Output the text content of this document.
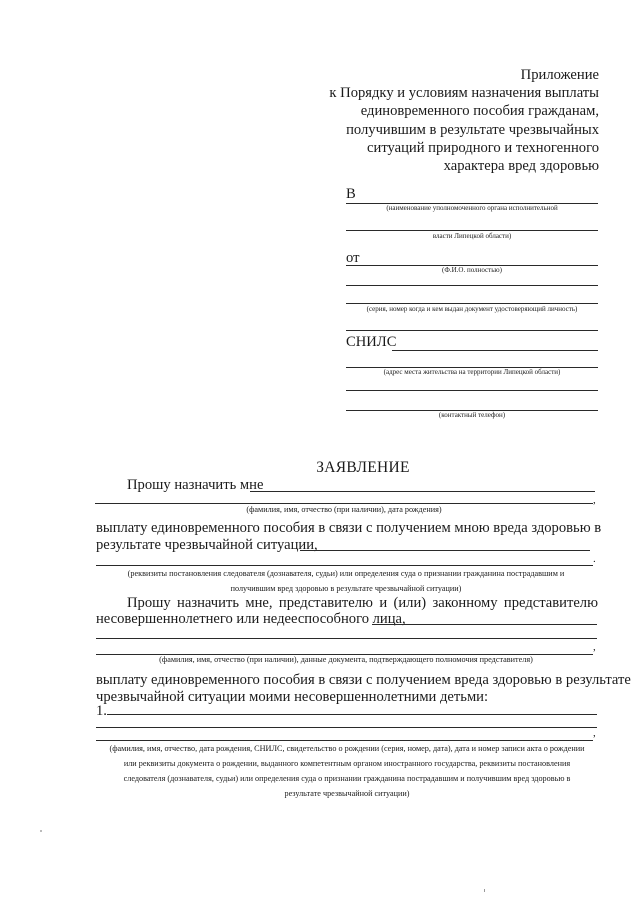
Приложение
к Порядку и условиям назначения выплаты
единовременного пособия гражданам,
получившим в результате чрезвычайных
ситуаций природного и техногенного
характера вред здоровью
В
(наименование уполномоченного органа исполнительной
власти Липецкой области)
от
(Ф.И.О. полностью)
(серия, номер когда и кем выдан документ удостоверяющий личность)
СНИЛС
(адрес места жительства на территории Липецкой области)
(контактный телефон)
ЗАЯВЛЕНИЕ
Прошу назначить мне
,
(фамилия, имя, отчество (при наличии), дата рождения)
выплату единовременного пособия в связи с получением мною вреда здоровью в
результате чрезвычайной ситуации,
.
(реквизиты постановления следователя (дознавателя, судьи) или определения суда о признании гражданина пострадавшим и
получившим вред здоровью в результате чрезвычайной ситуации)
Прошу назначить мне, представителю и (или) законному представителю
несовершеннолетнего или недееспособного лица,
,
(фамилия, имя, отчество (при наличии), данные документа, подтверждающего полномочия представителя)
выплату единовременного пособия в связи с получением вреда здоровью в результате
чрезвычайной ситуации моими несовершеннолетними детьми:
1.
,
(фамилия, имя, отчество, дата рождения, СНИЛС, свидетельство о рождении (серия, номер, дата), дата и номер записи акта о рождении
или реквизиты документа о рождении, выданного компетентным органом иностранного государства, реквизиты постановления
следователя (дознавателя, судьи) или определения суда о признании гражданина пострадавшим и получившим вред здоровью в
результате чрезвычайной ситуации)
